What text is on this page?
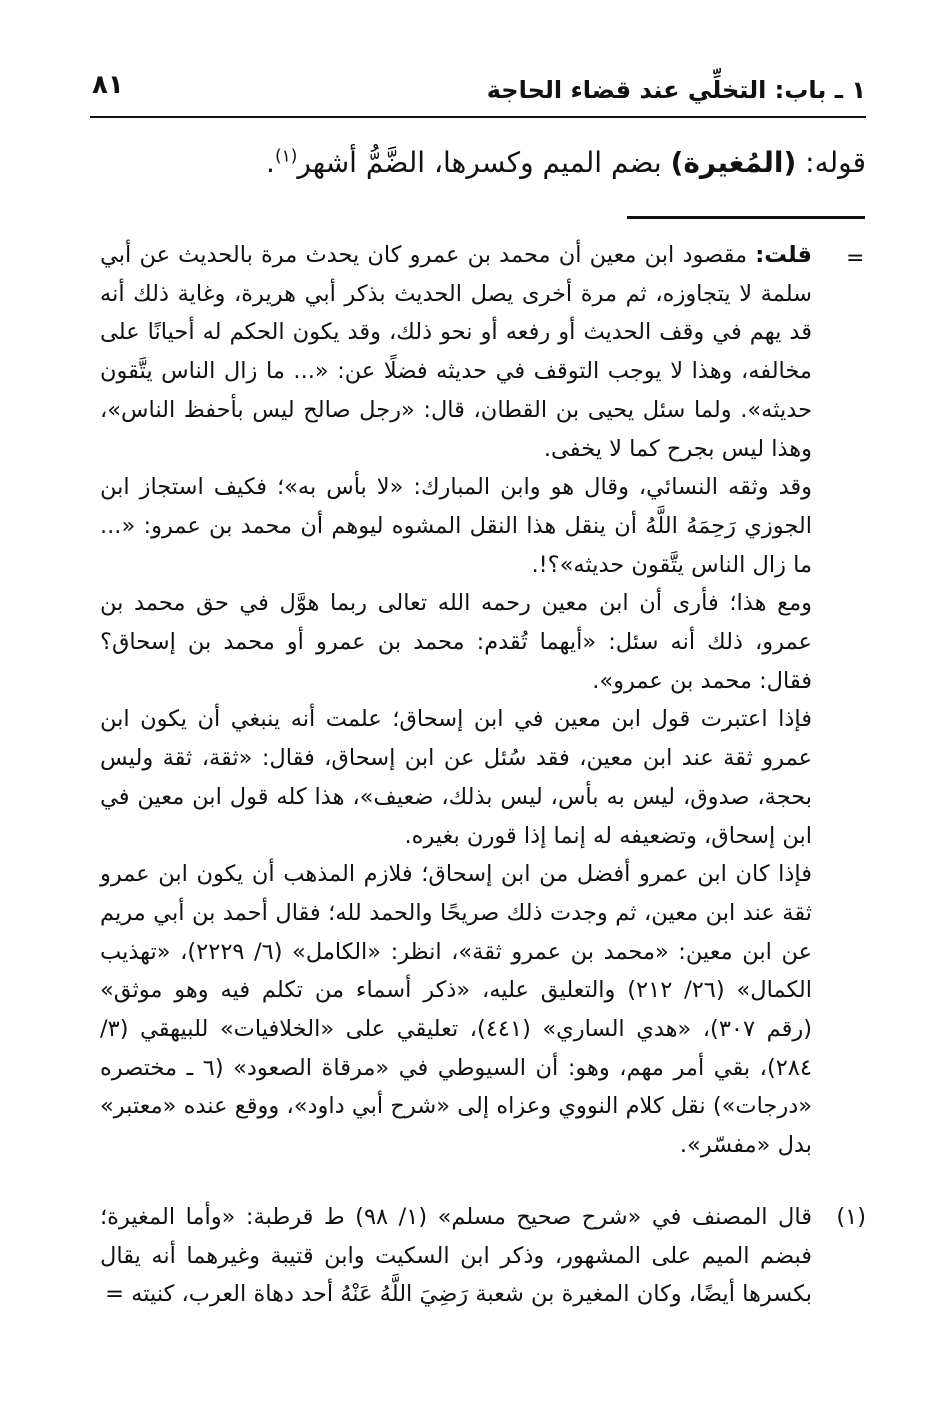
١ ـ باب: التخلِّي عند قضاء الحاجة
٨١
قوله: (المُغيرة) بضم الميم وكسرها، الضَّمُّ أشهر$^{(١)}$.
=

قلت: مقصود ابن معين أن محمد بن عمرو كان يحدث مرة بالحديث عن أبي سلمة لا يتجاوزه، ثم مرة أخرى يصل الحديث بذكر أبي هريرة، وغاية ذلك أنه قد يهم في وقف الحديث أو رفعه أو نحو ذلك، وقد يكون الحكم له أحيانًا على مخالفه، وهذا لا يوجب التوقف في حديثه فضلًا عن: «... ما زال الناس يتَّقون حديثه». ولما سئل يحيى بن القطان، قال: «رجل صالح ليس بأحفظ الناس»، وهذا ليس بجرح كما لا يخفى.

وقد وثقه النسائي، وقال هو وابن المبارك: «لا بأس به»؛ فكيف استجاز ابن الجوزي رَحِمَهُ اللَّهُ أن ينقل هذا النقل المشوه ليوهم أن محمد بن عمرو: «... ما زال الناس يتَّقون حديثه»؟!.

ومع هذا؛ فأرى أن ابن معين رحمه الله تعالى ربما هوَّل في حق محمد بن عمرو، ذلك أنه سئل: «أيهما تُقدم: محمد بن عمرو أو محمد بن إسحاق؟ فقال: محمد بن عمرو».

فإذا اعتبرت قول ابن معين في ابن إسحاق؛ علمت أنه ينبغي أن يكون ابن عمرو ثقة عند ابن معين، فقد سُئل عن ابن إسحاق، فقال: «ثقة، ثقة وليس بحجة، صدوق، ليس به بأس، ليس بذلك، ضعيف»، هذا كله قول ابن معين في ابن إسحاق، وتضعيفه له إنما إذا قورن بغيره.

فإذا كان ابن عمرو أفضل من ابن إسحاق؛ فلازم المذهب أن يكون ابن عمرو ثقة عند ابن معين، ثم وجدت ذلك صريحًا والحمد لله؛ فقال أحمد بن أبي مريم عن ابن معين: «محمد بن عمرو ثقة»، انظر: «الكامل» (٦/ ٢٢٢٩)، «تهذيب الكمال» (٢٦/ ٢١٢) والتعليق عليه، «ذكر أسماء من تكلم فيه وهو موثق» (رقم ٣٠٧)، «هدي الساري» (٤٤١)، تعليقي على «الخلافيات» للبيهقي (٣/ ٢٨٤)، بقي أمر مهم، وهو: أن السيوطي في «مرقاة الصعود» (٦ ـ مختصره «درجات») نقل كلام النووي وعزاه إلى «شرح أبي داود»، ووقع عنده «معتبر» بدل «مفسّر».

(١)
قال المصنف في «شرح صحيح مسلم» (١/ ٩٨) ط قرطبة: «وأما المغيرة؛ فبضم الميم على المشهور، وذكر ابن السكيت وابن قتيبة وغيرهما أنه يقال بكسرها أيضًا، وكان المغيرة بن شعبة رَضِيَ اللَّهُ عَنْهُ أحد دهاة العرب، كنيته =
